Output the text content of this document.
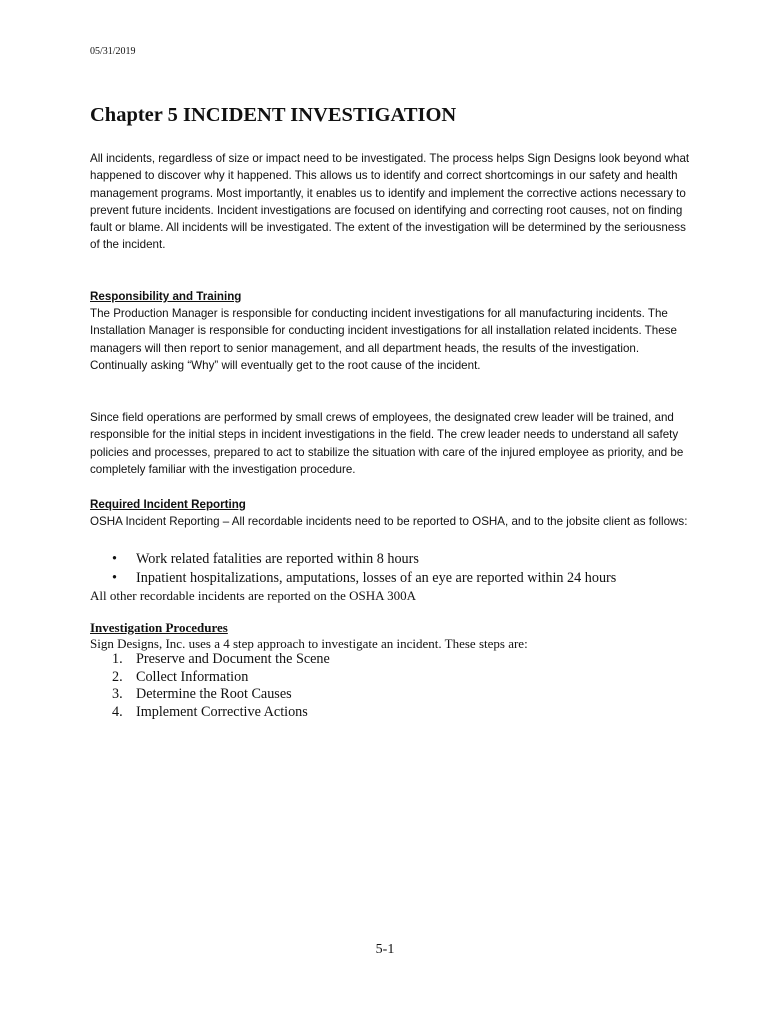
05/31/2019
Chapter 5 INCIDENT INVESTIGATION

All incidents, regardless of size or impact need to be investigated. The process helps Sign Designs look beyond what happened to discover why it happened. This allows us to identify and correct shortcomings in our safety and health management programs. Most importantly, it enables us to identify and implement the corrective actions necessary to prevent future incidents. Incident investigations are focused on identifying and correcting root causes, not on finding fault or blame. All incidents will be investigated. The extent of the investigation will be determined by the seriousness of the incident.

Responsibility and Training

The Production Manager is responsible for conducting incident investigations for all manufacturing incidents. The Installation Manager is responsible for conducting incident investigations for all installation related incidents. These managers will then report to senior management, and all department heads, the results of the investigation. Continually asking “Why” will eventually get to the root cause of the incident.

Since field operations are performed by small crews of employees, the designated crew leader will be trained, and responsible for the initial steps in incident investigations in the field. The crew leader needs to understand all safety policies and processes, prepared to act to stabilize the situation with care of the injured employee as priority, and be completely familiar with the investigation procedure.

Required Incident Reporting

OSHA Incident Reporting – All recordable incidents need to be reported to OSHA, and to the jobsite client as follows:

• Work related fatalities are reported within 8 hours
• Inpatient hospitalizations, amputations, losses of an eye are reported within 24 hours

All other recordable incidents are reported on the OSHA 300A

Investigation Procedures

Sign Designs, Inc. uses a 4 step approach to investigate an incident. These steps are:

1. Preserve and Document the Scene
2. Collect Information
3. Determine the Root Causes
4. Implement Corrective Actions
5-1
